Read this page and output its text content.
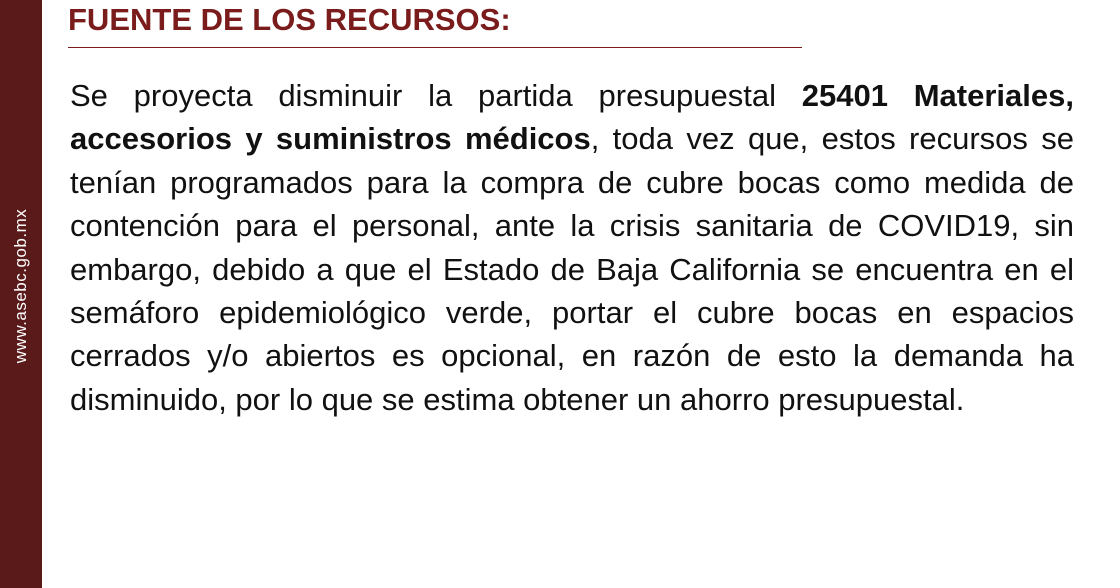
www.asebc.gob.mx
FUENTE DE LOS RECURSOS:

Se proyecta disminuir la partida presupuestal 25401 Materiales, accesorios y suministros médicos, toda vez que, estos recursos se tenían programados para la compra de cubre bocas como medida de contención para el personal, ante la crisis sanitaria de COVID19, sin embargo, debido a que el Estado de Baja California se encuentra en el semáforo epidemiológico verde, portar el cubre bocas en espacios cerrados y/o abiertos es opcional, en razón de esto la demanda ha disminuido, por lo que se estima obtener un ahorro presupuestal.
